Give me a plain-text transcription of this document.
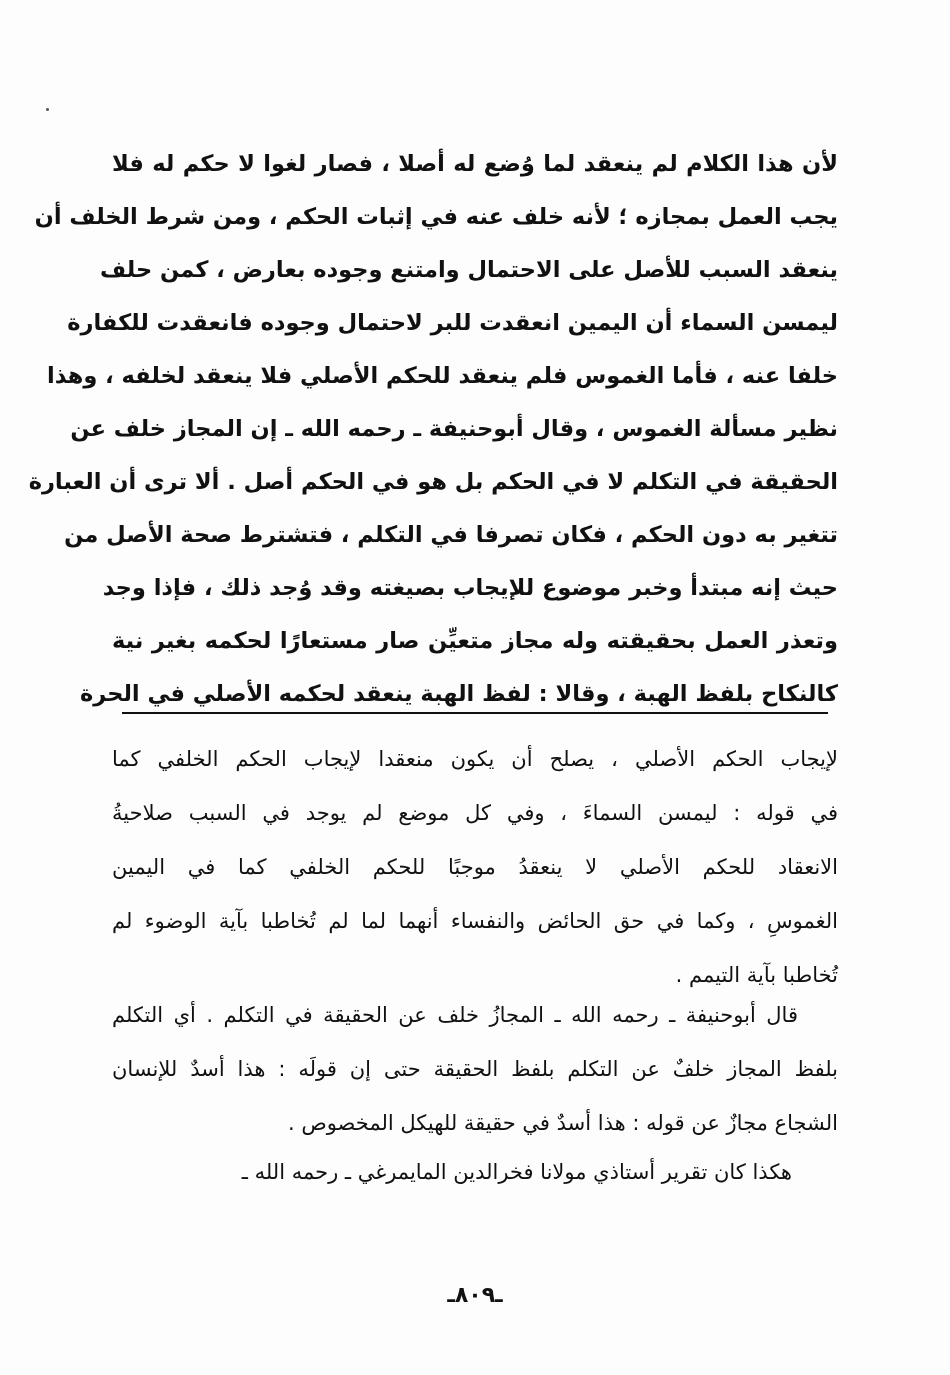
لأن هذا الكلام لم ينعقد لما وُضع له أصلا ، فصار لغوا لا حكم له فلا
يجب العمل بمجازه ؛ لأنه خلف عنه في إثبات الحكم ، ومن شرط الخلف أن
ينعقد السبب للأصل على الاحتمال وامتنع وجوده بعارض ، كمن حلف
ليمسن السماء أن اليمين انعقدت للبر لاحتمال وجوده فانعقدت للكفارة
خلفا عنه ، فأما الغموس فلم ينعقد للحكم الأصلي فلا ينعقد لخلفه ، وهذا
نظير مسألة الغموس ، وقال أبوحنيفة ـ رحمه الله ـ إن المجاز خلف عن
الحقيقة في التكلم لا في الحكم بل هو في الحكم أصل . ألا ترى أن العبارة
تتغير به دون الحكم ، فكان تصرفا في التكلم ، فتشترط صحة الأصل من
حيث إنه مبتدأ وخبر موضوع للإيجاب بصيغته وقد وُجد ذلك ، فإذا وجد
وتعذر العمل بحقيقته وله مجاز متعيِّن صار مستعارًا لحكمه بغير نية
كالنكاح بلفظ الهبة ، وقالا : لفظ الهبة ينعقد لحكمه الأصلي في الحرة
لإيجاب الحكم الأصلي ، يصلح أن يكون منعقدا لإيجاب الحكم الخلفي كما
في قوله : ليمسن السماءَ ، وفي كل موضع لم يوجد في السبب صلاحيةُ
الانعقاد للحكم الأصلي لا ينعقدُ موجبًا للحكم الخلفي كما في اليمين
الغموسِ ، وكما في حق الحائض والنفساء أنهما لما لم تُخاطبا بآية الوضوء لم
تُخاطبا بآية التيمم .
قال أبوحنيفة ـ رحمه الله ـ المجازُ خلف عن الحقيقة في التكلم . أي التكلم
بلفظ المجاز خلفٌ عن التكلم بلفظ الحقيقة حتى إن قولَه : هذا أسدٌ للإنسان
الشجاع مجازٌ عن قوله : هذا أسدٌ في حقيقة للهيكل المخصوص .
هكذا كان تقرير أستاذي مولانا فخرالدين المايمرغي ـ رحمه الله ـ
ـ٨٠٩ـ
